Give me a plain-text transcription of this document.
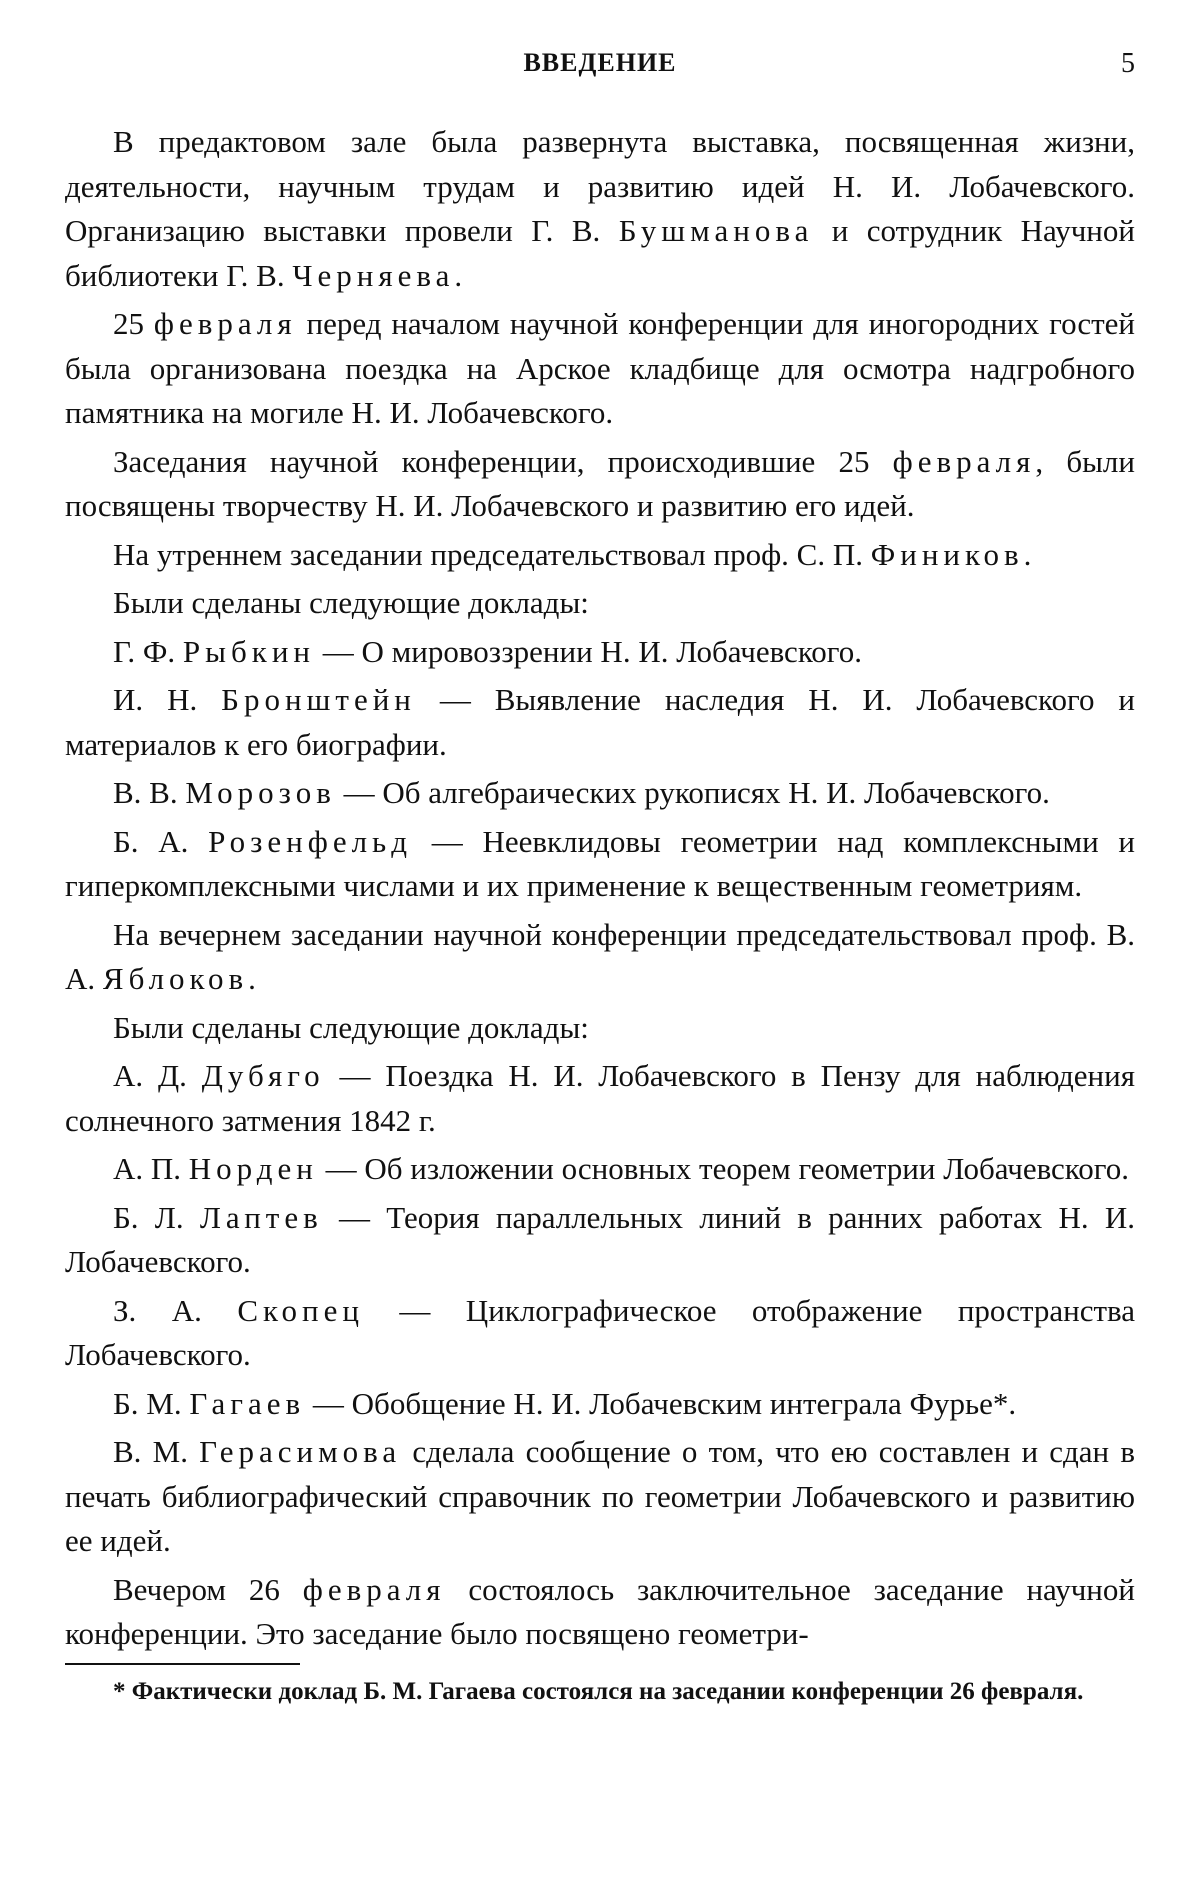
ВВЕДЕНИЕ	5

В предактовом зале была развернута выставка, посвященная жизни, деятельности, научным трудам и развитию идей Н. И. Лобачевского. Организацию выставки провели Г. В. Бушманова и сотрудник Научной библиотеки Г. В. Черняева.

25 февраля перед началом научной конференции для иногородних гостей была организована поездка на Арское кладбище для осмотра надгробного памятника на могиле Н. И. Лобачевского.

Заседания научной конференции, происходившие 25 февраля, были посвящены творчеству Н. И. Лобачевского и развитию его идей.

На утреннем заседании председательствовал проф. С. П. Фиников.

Были сделаны следующие доклады:

Г. Ф. Рыбкин — О мировоззрении Н. И. Лобачевского.

И. Н. Бронштейн — Выявление наследия Н. И. Лобачевского и материалов к его биографии.

В. В. Морозов — Об алгебраических рукописях Н. И. Лобачевского.

Б. А. Розенфельд — Неевклидовы геометрии над комплексными и гиперкомплексными числами и их применение к вещественным геометриям.

На вечернем заседании научной конференции председательствовал проф. В. А. Яблоков.

Были сделаны следующие доклады:

А. Д. Дубяго — Поездка Н. И. Лобачевского в Пензу для наблюдения солнечного затмения 1842 г.

А. П. Норден — Об изложении основных теорем геометрии Лобачевского.

Б. Л. Лаптев — Теория параллельных линий в ранних работах Н. И. Лобачевского.

З. А. Скопец — Циклографическое отображение пространства Лобачевского.

Б. М. Гагаев — Обобщение Н. И. Лобачевским интеграла Фурье*.

В. М. Герасимова сделала сообщение о том, что ею составлен и сдан в печать библиографический справочник по геометрии Лобачевского и развитию ее идей.

Вечером 26 февраля состоялось заключительное заседание научной конференции. Это заседание было посвящено геометри-

* Фактически доклад Б. М. Гагаева состоялся на заседании конференции 26 февраля.
